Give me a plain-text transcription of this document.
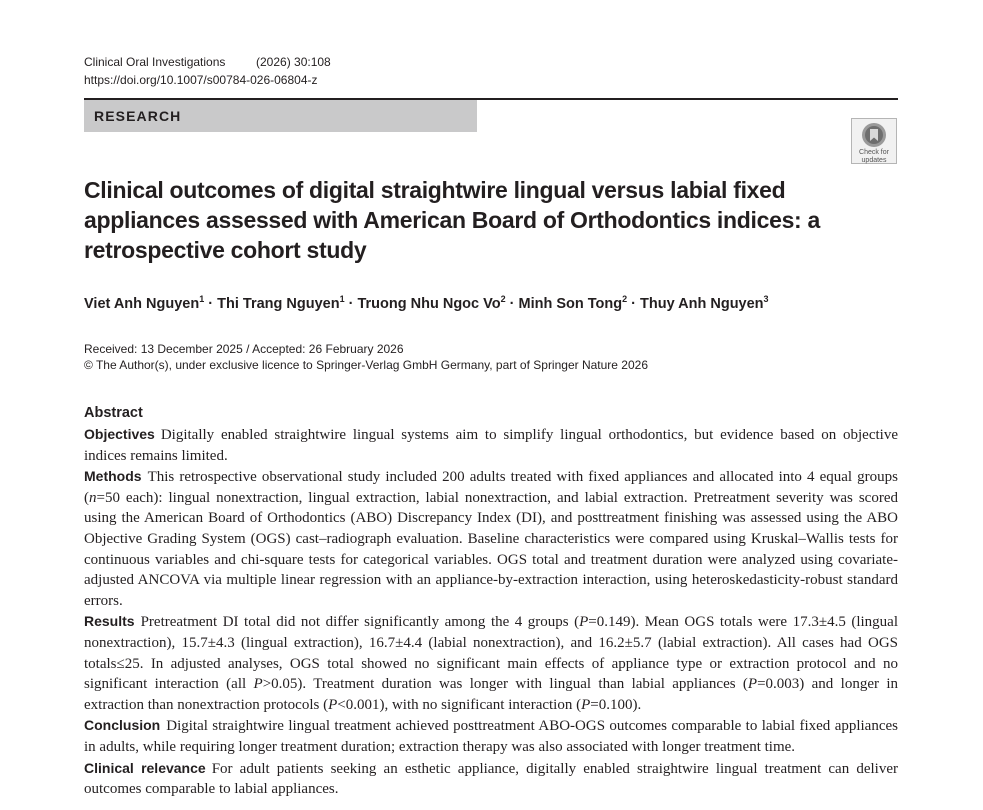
Clinical Oral Investigations	(2026) 30:108
https://doi.org/10.1007/s00784-026-06804-z
RESEARCH
Check for
updates
Clinical outcomes of digital straightwire lingual versus labial fixed appliances assessed with American Board of Orthodontics indices: a retrospective cohort study
Viet Anh Nguyen$^1$ · Thi Trang Nguyen$^1$ · Truong Nhu Ngoc $Vo^2$ · Minh Son Tong$^2$ · Thuy Anh Nguyen$^3$
Received: 13 December 2025 / Accepted: 26 February 2026
© The Author(s), under exclusive licence to Springer-Verlag GmbH Germany, part of Springer Nature 2026
Abstract

Objectives Digitally enabled straightwire lingual systems aim to simplify lingual orthodontics, but evidence based on objective indices remains limited.

Methods This retrospective observational study included 200 adults treated with fixed appliances and allocated into 4 equal groups (n=50 each): lingual nonextraction, lingual extraction, labial nonextraction, and labial extraction. Pretreatment severity was scored using the American Board of Orthodontics (ABO) Discrepancy Index (DI), and posttreatment finishing was assessed using the ABO Objective Grading System (OGS) cast–radiograph evaluation. Baseline characteristics were compared using Kruskal–Wallis tests for continuous variables and chi-square tests for categorical variables. OGS total and treatment duration were analyzed using covariate-adjusted ANCOVA via multiple linear regression with an appliance-by-extraction interaction, using heteroskedasticity-robust standard errors.

Results Pretreatment DI total did not differ significantly among the 4 groups (P=0.149). Mean OGS totals were 17.3±4.5 (lingual nonextraction), 15.7±4.3 (lingual extraction), 16.7±4.4 (labial nonextraction), and 16.2±5.7 (labial extraction). All cases had OGS totals≤25. In adjusted analyses, OGS total showed no significant main effects of appliance type or extraction protocol and no significant interaction (all P>0.05). Treatment duration was longer with lingual than labial appliances (P=0.003) and longer in extraction than nonextraction protocols (P<0.001), with no significant interaction (P=0.100).

Conclusion Digital straightwire lingual treatment achieved posttreatment ABO-OGS outcomes comparable to labial fixed appliances in adults, while requiring longer treatment duration; extraction therapy was also associated with longer treatment time.

Clinical relevance For adult patients seeking an esthetic appliance, digitally enabled straightwire lingual treatment can deliver outcomes comparable to labial appliances.
